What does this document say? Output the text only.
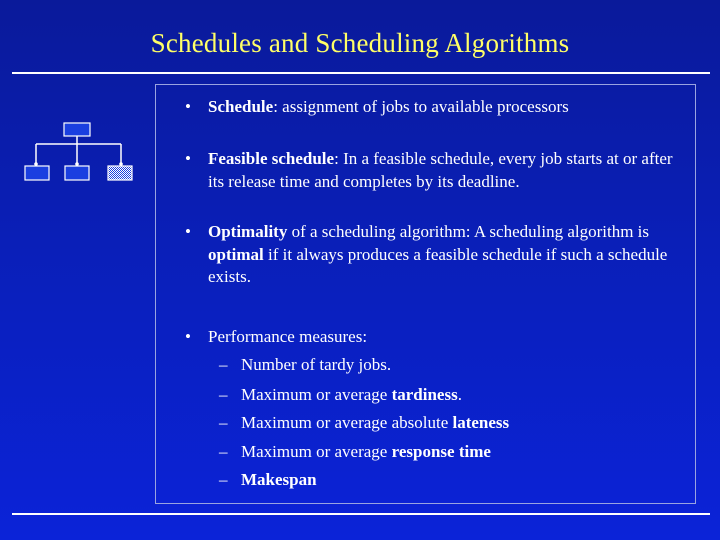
Schedules and Scheduling Algorithms
• Schedule: assignment of jobs to available processors
• Feasible schedule: In a feasible schedule, every job starts at or after its release time and completes by its deadline.
• Optimality of a scheduling algorithm: A scheduling algorithm is optimal if it always produces a feasible schedule if such a schedule exists.
• Performance measures:
– Number of tardy jobs.
– Maximum or average tardiness.
– Maximum or average absolute lateness
– Maximum or average response time
– Makespan
